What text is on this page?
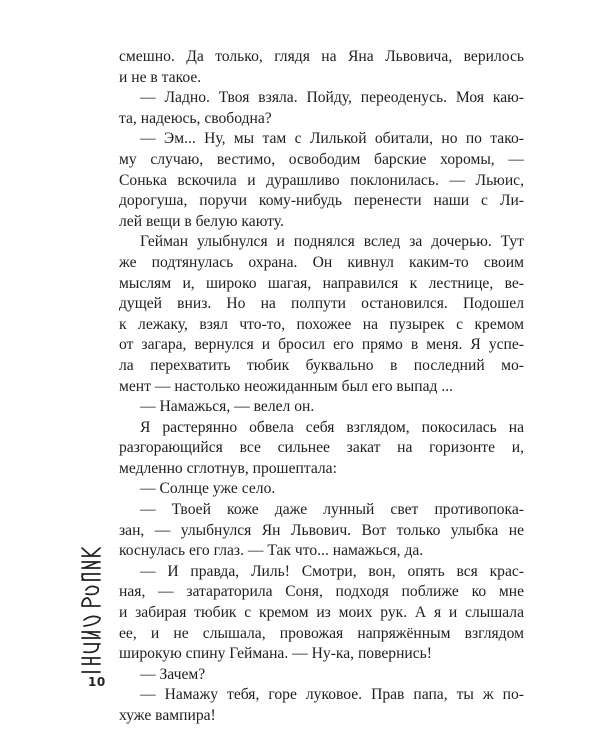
смешно. Да только, глядя на Яна Львовича, верилось
и не в такое.
— Ладно. Твоя взяла. Пойду, переоденусь. Моя каю-
та, надеюсь, свободна?
— Эм... Ну, мы там с Лилькой обитали, но по тако-
му случаю, вестимо, освободим барские хоромы, —
Сонька вскочила и дурашливо поклонилась. — Льюис,
дорогуша, поручи кому-нибудь перенести наши с Ли-
лей вещи в белую каюту.
Гейман улыбнулся и поднялся вслед за дочерью. Тут
же подтянулась охрана. Он кивнул каким-то своим
мыслям и, широко шагая, направился к лестнице, ве-
дущей вниз. Но на полпути остановился. Подошел
к лежаку, взял что-то, похожее на пузырек с кремом
от загара, вернулся и бросил его прямо в меня. Я успе-
ла перехватить тюбик буквально в последний мо-
мент — настолько неожиданным был его выпад ...
— Намажься, — велел он.
Я растерянно обвела себя взглядом, покосилась на
разгорающийся все сильнее закат на горизонте и,
медленно сглотнув, прошептала:
— Солнце уже село.
— Твоей коже даже лунный свет противопока-
зан, — улыбнулся Ян Львович. Вот только улыбка не
коснулась его глаз. — Так что... намажься, да.
— И правда, Лиль! Смотри, вон, опять вся крас-
ная, — затараторила Соня, подходя поближе ко мне
и забирая тюбик с кремом из моих рук. А я и слышала
ее, и не слышала, провожая напряжённым взглядом
широкую спину Геймана. — Ну-ка, повернись!
— Зачем?
— Намажу тебя, горе луковое. Прав папа, ты ж по-
хуже вампира!
10
